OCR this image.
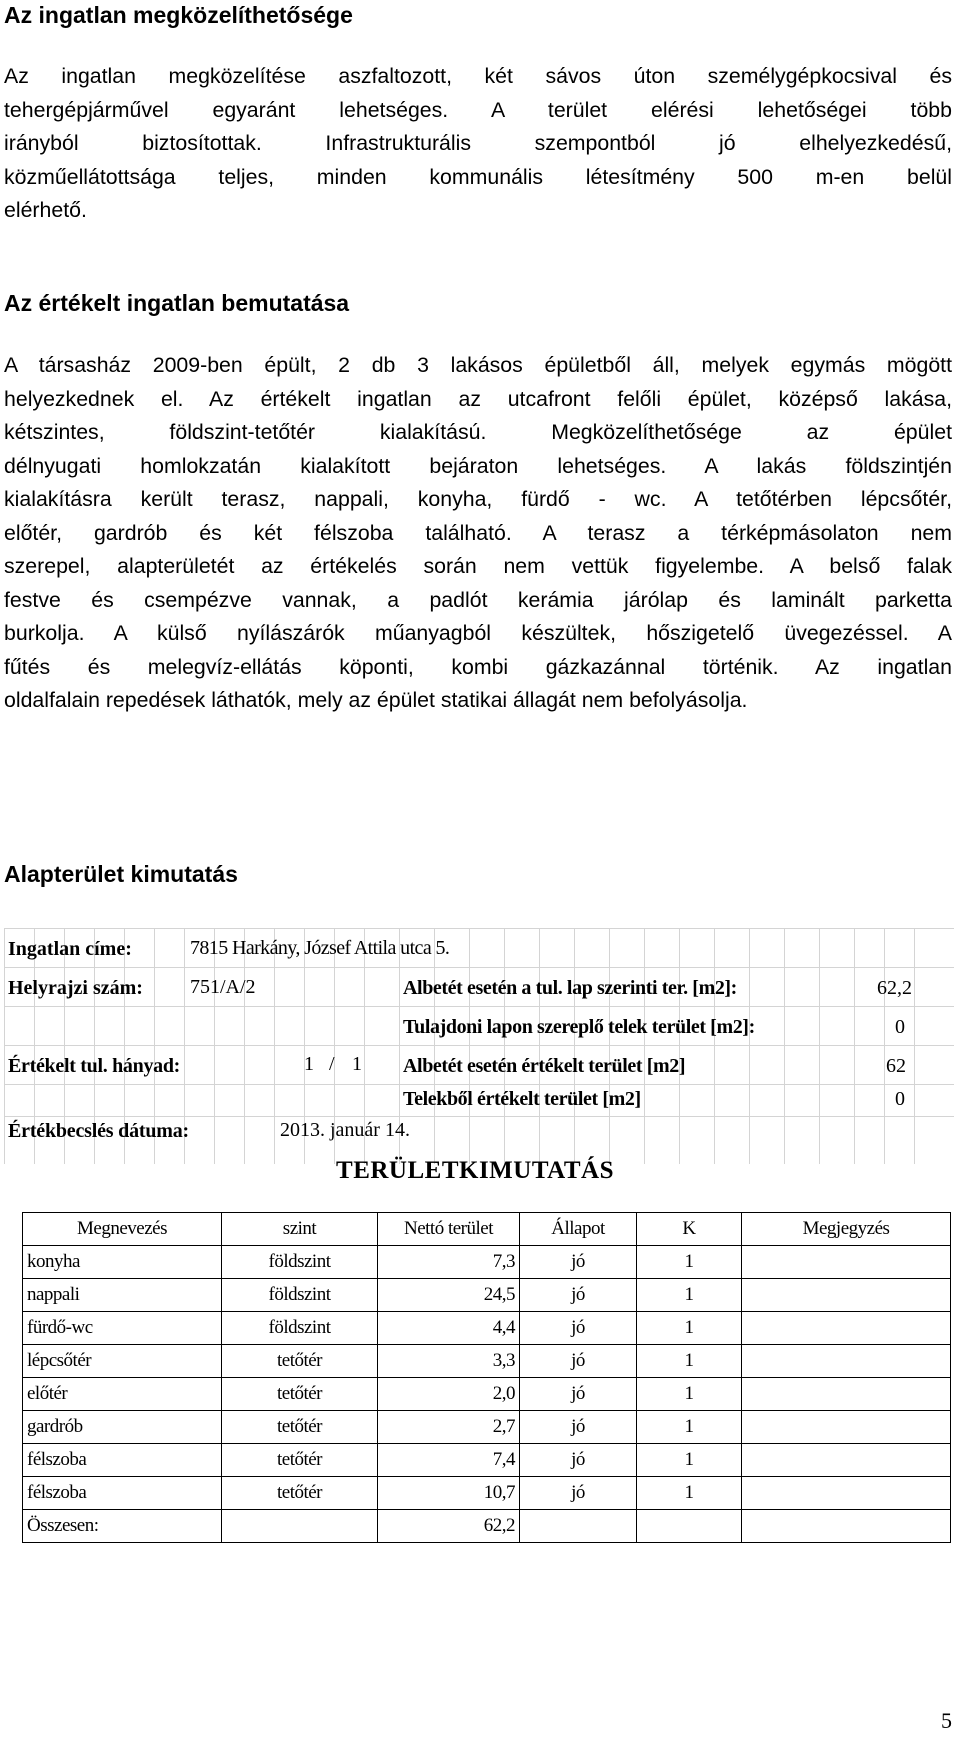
Az ingatlan megközelíthetősége
Az ingatlan megközelítése aszfaltozott, két sávos úton személygépkocsival és
tehergépjárművel egyaránt lehetséges. A terület elérési lehetőségei több
irányból biztosítottak. Infrastrukturális szempontból jó elhelyezkedésű,
közműellátottsága teljes, minden kommunális létesítmény 500 m-en belül
elérhető.
Az értékelt ingatlan bemutatása
A társasház 2009-ben épült, 2 db 3 lakásos épületből áll, melyek egymás mögött
helyezkednek el. Az értékelt ingatlan az utcafront felőli épület, középső lakása,
kétszintes, földszint-tetőtér kialakítású. Megközelíthetősége az épület
délnyugati homlokzatán kialakított bejáraton lehetséges. A lakás földszintjén
kialakításra került terasz, nappali, konyha, fürdő - wc. A tetőtérben lépcsőtér,
előtér, gardrób és két félszoba található. A terasz a térképmásolaton nem
szerepel, alapterületét az értékelés során nem vettük figyelembe. A belső falak
festve és csempézve vannak, a padlót kerámia járólap és laminált parketta
burkolja. A külső nyílászárók műanyagból készültek, hőszigetelő üvegezéssel. A
fűtés és melegvíz-ellátás köponti, kombi gázkazánnal történik. Az ingatlan
oldalfalain repedések láthatók, mely az épület statikai állagát nem befolyásolja.
Alapterület kimutatás
Ingatlan címe:	7815 Harkány, József Attila utca 5.
Helyrajzi szám: 751/A/2	Albetét esetén a tul. lap szerinti ter. [m2]:	62,2
Tulajdoni lapon szereplő telek terület [m2]:	0
Értékelt tul. hányad:	1 / 1 Albetét esetén értékelt terület [m2]	62
Telekből értékelt terület [m2]	0
Értékbecslés dátuma:	2013. január 14.
TERÜLETKIMUTATÁS
Megnevezés	szint	Nettó terület	Állapot	K	Megjegyzés
konyha	földszint	7,3	jó	1	
nappali	földszint	24,5	jó	1	
fürdő-wc	földszint	4,4	jó	1	
lépcsőtér	tetőtér	3,3	jó	1	
előtér	tetőtér	2,0	jó	1	
gardrób	tetőtér	2,7	jó	1	
félszoba	tetőtér	7,4	jó	1	
félszoba	tetőtér	10,7	jó	1	
Összesen:		62,2			
5
